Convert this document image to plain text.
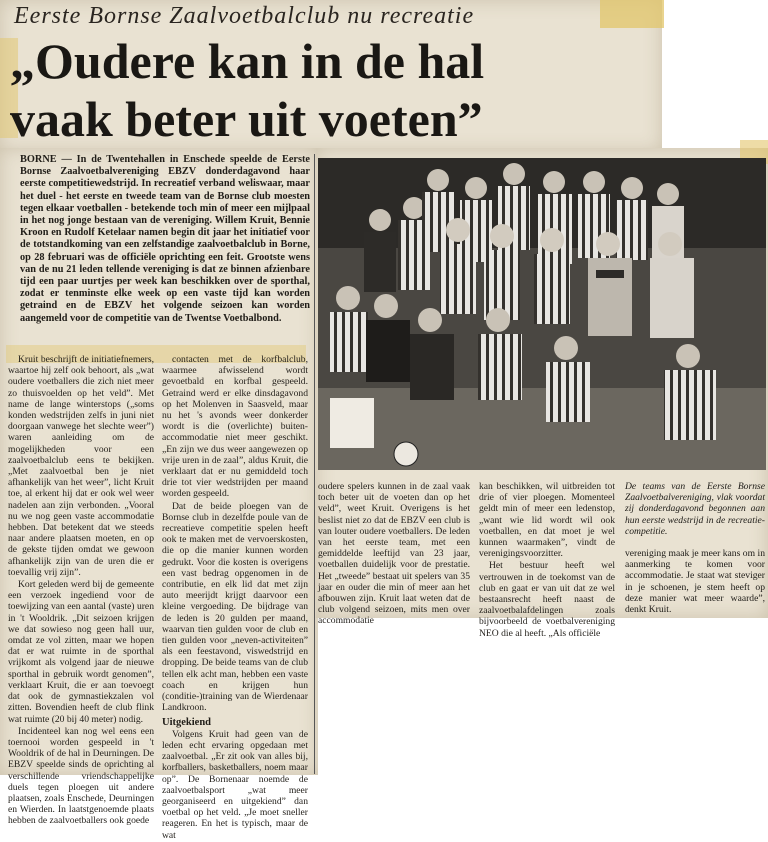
Eerste Bornse Zaalvoetbalclub nu recreatie
„Oudere kan in de hal
vaak beter uit voeten”

BORNE — In de Twentehallen in Enschede speelde de Eerste Bornse Zaalvoetbalvereniging EBZV donderdagavond haar eerste competitiewedstrijd. In recreatief verband weliswaar, maar het duel - het eerste en tweede team van de Bornse club moesten tegen elkaar voetballen - betekende toch min of meer een mijlpaal in het nog jonge bestaan van de vereniging. Willem Kruit, Bennie Kroon en Rudolf Ketelaar namen begin dit jaar het initiatief voor de totstandkoming van een zelfstandige zaalvoetbalclub in Borne, op 28 februari was de officiële oprichting een feit. Grootste wens van de nu 21 leden tellende vereniging is dat ze binnen afzienbare tijd een paar uurtjes per week kan beschikken over de sporthal, zodat er tenminste elke week op een vaste tijd kan worden getraind en de EBZV het volgende seizoen kan worden aangemeld voor de competitie van de Twentse Voetbalbond.

Kruit beschrijft de initiatiefnemers, waartoe hij zelf ook behoort, als „wat oudere voetballers die zich niet meer zo thuisvoelden op het veld”. Met name de lange winterstops („soms konden wedstrijden zelfs in juni niet doorgaan vanwege het slechte weer”) waren aanleiding om de mogelijkheden voor een zaalvoetbalclub eens te bekijken. „Met zaalvoetbal ben je niet afhankelijk van het weer”, licht Kruit toe, al erkent hij dat er ook wel weer nadelen aan zijn verbonden. „Vooral nu we nog geen vaste accommodatie hebben. Dat betekent dat we steeds naar andere plaatsen moeten, en op de gekste tijden omdat we gewoon afhankelijk zijn van de uren die er toevallig vrij zijn”.

Kort geleden werd bij de gemeente een verzoek ingediend voor de toewijzing van een aantal (vaste) uren in 't Wooldrik. „Dit seizoen krijgen we dat sowieso nog geen hall uur, omdat ze vol zitten, maar we hopen dat er wat ruimte in de sporthal vrijkomt als volgend jaar de nieuwe sporthal in gebruik wordt genomen”, verklaart Kruit, die er aan toevoegt dat ook de gymnastiekzalen vol zitten. Bovendien heeft de club flink wat ruimte (20 bij 40 meter) nodig.

Incidenteel kan nog wel eens een toernooi worden gespeeld in 't Wooldrik of de hal in Deurningen. De EBZV speelde sinds de oprichting al verschillende vriendschappelijke duels tegen ploegen uit andere plaatsen, zoals Enschede, Deurningen en Wierden. In laatstgenoemde plaats hebben de zaalvoetballers ook goede

contacten met de korfbalclub, waarmee afwisselend wordt gevoetbald en korfbal gespeeld. Getraind werd er elke dinsdagavond op het Molenven in Saasveld, maar nu het 's avonds weer donkerder wordt is die (overlichte) buiten-accommodatie niet meer geschikt. „En zijn we dus weer aangewezen op vrije uren in de zaal”, aldus Kruit, die verklaart dat er nu gemiddeld toch drie tot vier wedstrijden per maand worden gespeeld.

Dat de beide ploegen van de Bornse club in dezelfde poule van de recreatieve competitie spelen heeft ook te maken met de vervoerskosten, die op die manier kunnen worden gedrukt. Voor die kosten is overigens een vast bedrag opgenomen in de contributie, en elk lid dat met zijn auto meerijdt krijgt daarvoor een kleine vergoeding. De bijdrage van de leden is 20 gulden per maand, waarvan tien gulden voor de club en tien gulden voor „neven-activiteiten” als een feestavond, viswedstrijd en dropping. De beide teams van de club tellen elk acht man, hebben een vaste coach en krijgen hun (conditie-)training van de Wierdenaar Landkroon.

Uitgekiend

Volgens Kruit had geen van de leden echt ervaring opgedaan met zaalvoetbal. „Er zit ook van alles bij, korfballers, basketballers, noem maar op”. De Bornenaar noemde de zaalvoetbalsport „wat meer georganiseerd en uitgekiend” dan voetbal op het veld. „Je moet sneller reageren. En het is typisch, maar de wat

oudere spelers kunnen in de zaal vaak toch beter uit de voeten dan op het veld”, weet Kruit. Overigens is het beslist niet zo dat de EBZV een club is van louter oudere voetballers. De leden van het eerste team, met een gemiddelde leeftijd van 23 jaar, voetballen duidelijk voor de prestatie. Het „tweede” bestaat uit spelers van 35 jaar en ouder die min of meer aan het afbouwen zijn. Kruit laat weten dat de club volgend seizoen, mits men over accommodatie

kan beschikken, wil uitbreiden tot drie of vier ploegen. Momenteel geldt min of meer een ledenstop, „want wie lid wordt wil ook voetballen, en dat moet je wel kunnen waarmaken”, vindt de verenigingsvoorzitter.

Het bestuur heeft wel vertrouwen in de toekomst van de club en gaat er van uit dat ze wel bestaansrecht heeft naast de zaalvoetbalafdelingen zoals bijvoorbeeld de voetbalvereniging NEO die al heeft. „Als officiële

De teams van de Eerste Bornse Zaalvoetbalvereniging, vlak voordat zij donderdagavond begonnen aan hun eerste wedstrijd in de recreatie-competitie.
vereniging maak je meer kans om in aanmerking te komen voor accommodatie. Je staat wat steviger in je schoenen, je stem heeft op deze manier wat meer waarde”, denkt Kruit.
